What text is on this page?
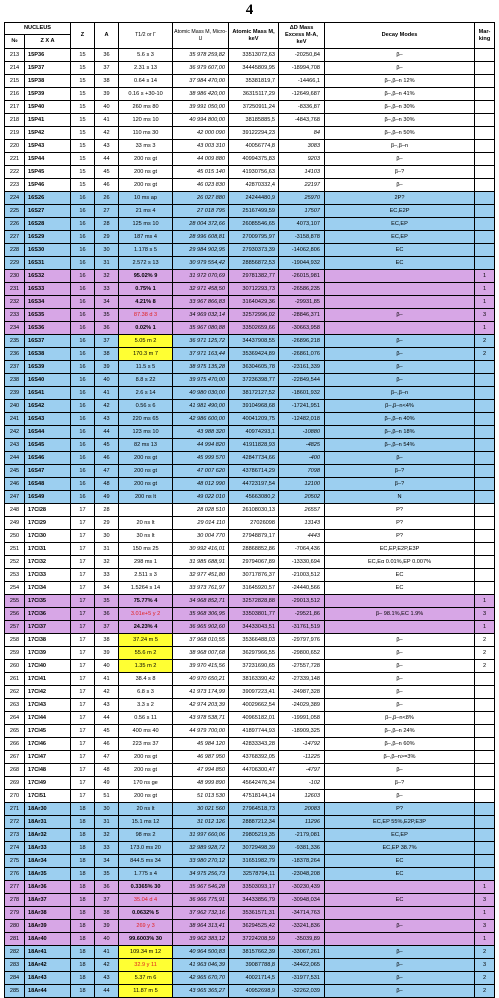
4
NUCLEUS		Z	A	T1/2 or Γ	Atomic Mass M, Micro-U	Atomic Mass M, keV	ΔD Mass Excess M-A, keV	Decay Modes	Mar-king
№	Z X A								
213	15P36	15	36	5.6 s 3	35 978 259,82	33513072,63	-20250,84	β–	
214	15P37	15	37	2.31 s 13	36 979 607,00	34445809,95	-18994,708	β–	
215	15P38	15	38	0.64 s 14	37 984 470,00	35381819,7	-14466,1	β–,β–n 12%	
216	15P39	15	39	0.16 s +30-10	38 986 420,00	36315117,29	-12649,687	β–,β–n 41%	
217	15P40	15	40	260 ms 80	39 991 050,00	37250911,24	-8336,87	β–,β–n 30%	
218	15P41	15	41	120 ms 10	40 994 800,00	38185885,5	-4843,768	β–,β–n 30%	
219	15P42	15	42	110 ms 30	42 000 090	39122294,23	84	β–,β–n 50%	
220	15P43	15	43	33 ms 3	43 003 310	40056774,8	3083	β–,β–n	
221	15P44	15	44	200 ns gt	44 009 880	40994375,83	9203	β–	
222	15P45	15	45	200 ns gt	45 015 140	41930756,63	14103	β–?	
223	15P46	15	46	200 ns gt	46 023 830	42870332,4	22197	β–	
224	16S26	16	26	10 ms ap	26 027 880	24244480,9	25970	2P?	
225	16S27	16	27	21 ms 4	27 018 795	25167499,59	17507	EC,E2P	
226	16S28	16	28	125 ms 10	28 004 372,66	26085546,65	4073,107	EC,EP	
227	16S29	16	29	187 ms 4	28 996 608,81	27009795,97	-3158,878	EC,EP	
228	16S30	16	30	1.178 s 5	29 984 902,95	27930373,39	-14062,806	EC	
229	16S31	16	31	2.572 s 13	30 979 554,42	28856872,53	-19044,932	EC	
230	16S32	16	32	95.02% 9	31 972 070,69	29781382,77	-26015,981		1
231	16S33	16	33	0.75% 1	32 971 458,50	30712293,73	-26586,235		1
232	16S34	16	34	4.21% 8	33 967 866,83	31640429,36	-29931,85		1
233	16S35	16	35	87.38 d 3	34 969 032,14	32572996,02	-28846,371	β–	3
234	16S36	16	36	0.02% 1	35 967 080,88	33502659,66	-30663,958		1
235	16S37	16	37	5.05 m 2	36 971 125,72	34437908,55	-26896,218	β–	2
236	16S38	16	38	170.3 m 7	37 971 163,44	35369424,89	-26861,076	β–	2
237	16S39	16	39	11.5 s 5	38 975 135,28	36304605,78	-23161,339	β–	
238	16S40	16	40	8.8 s 22	39 975 470,00	37236398,77	-22849,544	β–	
239	16S41	16	41	2.6 s 14	40 980 030,00	38172127,52	-18601,932	β–,β–n	
240	16S42	16	42	0.56 s 6	41 981 490,00	39104968,68	-17241,951	β–,β–n<4%	
241	16S43	16	43	220 ms 65	42 986 600,00	40041209,75	-12482,018	β–,β–n 40%	
242	16S44	16	44	123 ms 10	43 988 320	40974293,1	-10880	β–,β–n 18%	
243	16S45	16	45	82 ms 13	44 994 820	41911828,93	-4825	β–,β–n 54%	
244	16S46	16	46	200 ns gt	45 999 570	42847734,66	-400	β–	
245	16S47	16	47	200 ns gt	47 007 620	43786714,29	7098	β–?	
246	16S48	16	48	200 ns gt	48 012 990	44723197,54	12100	β–?	
247	16S49	16	49	200 ns lt	49 022 010	45663080,2	20502	N	
248	17Cl28	17	28		28 028 510	26108030,13	26557	P?	
249	17Cl29	17	29	20 ns lt	29 014 110	27026098	13143	P?	
250	17Cl30	17	30	30 ns lt	30 004 770	27948879,17	4443	P?	
251	17Cl31	17	31	150 ms 25	30 992 416,01	28868852,86	-7064,436	EC,EP,E2P,E3P	
252	17Cl32	17	32	298 ms 1	31 985 688,91	29794067,89	-13330,694	EC,Eα 0.01%,EP 0.007%	
253	17Cl33	17	33	2.511 s 3	32 977 451,80	30717876,37	-21003,512	EC	
254	17Cl34	17	34	1.5264 s 14	33 973 761,97	31645920,57	-24440,566	EC	
255	17Cl35	17	35	75.77% 4	34 968 852,71	32572828,88	-29013,512		1
256	17Cl36	17	36	3.01e+5 y 2	35 968 306,95	33503801,77	-29521,86	β– 98.1%,EC 1.9%	3
257	17Cl37	17	37	24.23% 4	36 965 902,60	34433043,51	-31761,519		1
258	17Cl38	17	38	37.24 m 5	37 968 010,55	35366488,03	-29797,976	β–	2
259	17Cl39	17	39	55.6 m 2	38 968 007,68	36297966,55	-29800,652	β–	2
260	17Cl40	17	40	1.35 m 2	39 970 415,56	37231690,65	-27557,728	β–	2
261	17Cl41	17	41	38.4 s 8	40 970 650,21	38163390,42	-27339,148	β–	
262	17Cl42	17	42	6.8 s 3	41 973 174,99	39097223,41	-24987,328	β–	
263	17Cl43	17	43	3.3 s 2	42 974 203,39	40029662,54	-24029,389	β–	
264	17Cl44	17	44	0.56 s 11	43 978 538,71	40965182,01	-19991,058	β–,β–n<8%	
265	17Cl45	17	45	400 ms 40	44 979 700,00	41897744,93	-18909,325	β–,β–n 24%	
266	17Cl46	17	46	223 ms 37	45 984 120	42833343,28	-14792	β–,β–n 60%	
267	17Cl47	17	47	200 ns gt	46 987 950	43768392,05	-11225	β–,β–n>=3%	
268	17Cl48	17	48	200 ns gt	47 994 850	44706300,47	-4797	β–	
269	17Cl49	17	49	170 ns ge	48 999 890	45642476,34	-102	β–?	
270	17Cl51	17	51	200 ns gt	51 013 530	47518144,14	12603	β–	
271	18Ar30	18	30	20 ns lt	30 021 560	27964518,73	20083	P?	
272	18Ar31	18	31	15.1 ms 12	31 012 126	28887212,34	11296	EC,EP 55%,E2P,E3P	
273	18Ar32	18	32	98 ms 2	31 997 660,06	29805219,35	-2179,081	EC,EP	
274	18Ar33	18	33	173.0 ms 20	32 989 928,72	30729498,39	-9381,336	EC,EP 38.7%	
275	18Ar34	18	34	844.5 ms 34	33 980 270,12	31651982,79	-18378,264	EC	
276	18Ar35	18	35	1.775 s 4	34 975 256,73	32578794,11	-23048,208	EC	
277	18Ar36	18	36	0.3365% 30	35 967 546,28	33503093,17	-30230,439		1
278	18Ar37	18	37	35.04 d 4	36 966 775,91	34433856,79	-30948,034	EC	3
279	18Ar38	18	38	0.0632% 5	37 962 732,16	35361571,31	-34714,763		1
280	18Ar39	18	39	269 y 3	38 964 313,41	36294525,42	-33241,836	β–	3
281	18Ar40	18	40	99.6003% 30	39 962 383,12	37224208,59	-35039,89		1
282	18Ar41	18	41	109.34 m 12	40 964 500,83	38157662,39	-33067,261	β–	2
283	18Ar42	18	42	32.9 y 11	41 963 046,39	39087788,8	-34422,065	β–	3
284	18Ar43	18	43	5.37 m 6	42 965 670,70	40021714,5	-31977,531	β–	2
285	18Ar44	18	44	11.87 m 5	43 965 365,27	40952698,9	-32262,039	β–	2
